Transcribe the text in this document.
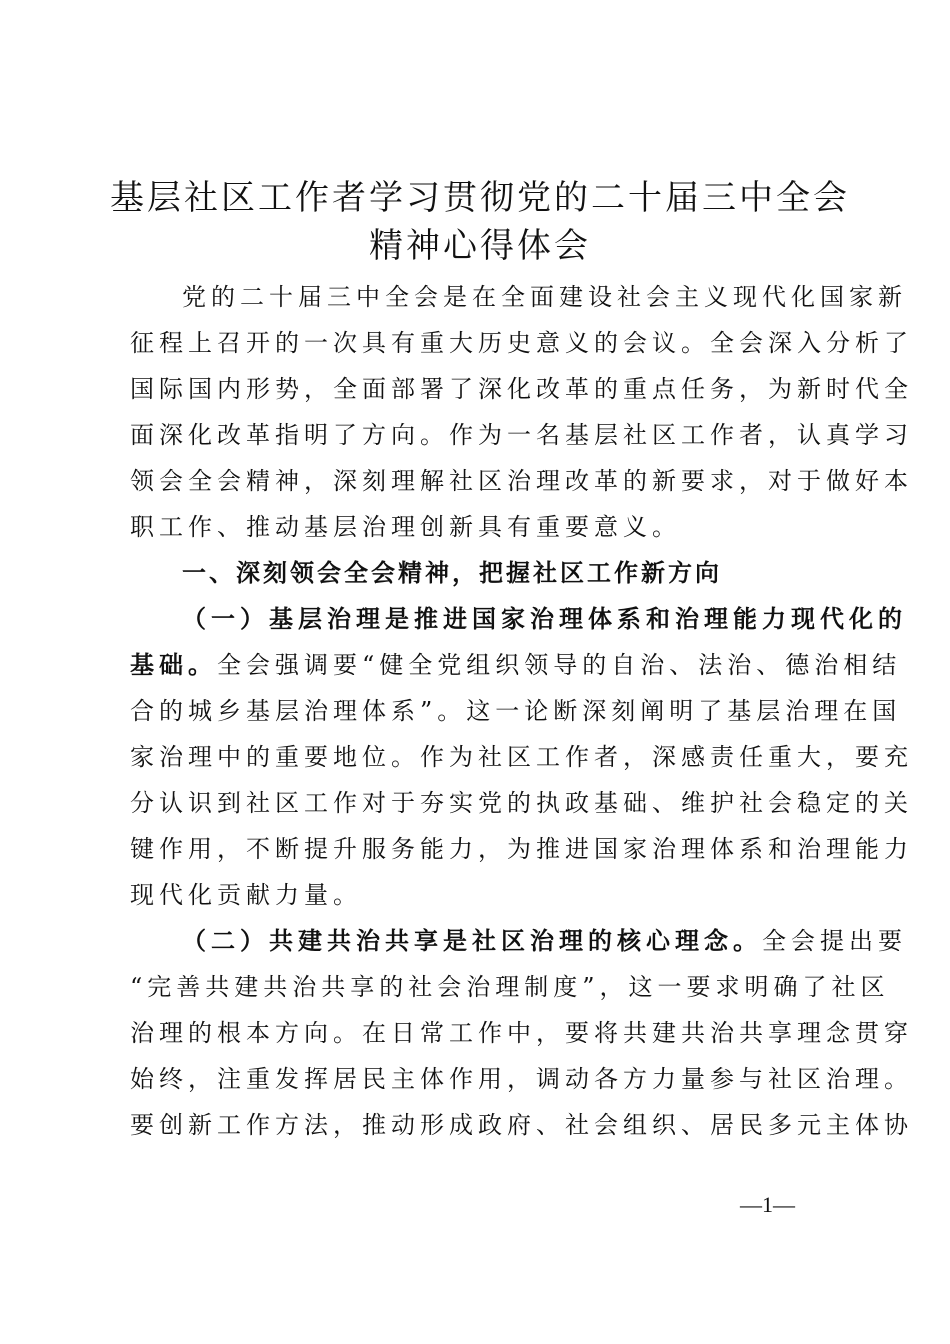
基层社区工作者学习贯彻党的二十届三中全会
精神心得体会
党的二十届三中全会是在全面建设社会主义现代化国家新
征程上召开的一次具有重大历史意义的会议。全会深入分析了
国际国内形势，全面部署了深化改革的重点任务，为新时代全
面深化改革指明了方向。作为一名基层社区工作者，认真学习
领会全会精神，深刻理解社区治理改革的新要求，对于做好本
职工作、推动基层治理创新具有重要意义。
一、深刻领会全会精神，把握社区工作新方向
（一）基层治理是推进国家治理体系和治理能力现代化的
基础。全会强调要“健全党组织领导的自治、法治、德治相结
合的城乡基层治理体系”。这一论断深刻阐明了基层治理在国
家治理中的重要地位。作为社区工作者，深感责任重大，要充
分认识到社区工作对于夯实党的执政基础、维护社会稳定的关
键作用，不断提升服务能力，为推进国家治理体系和治理能力
现代化贡献力量。
（二）共建共治共享是社区治理的核心理念。全会提出要
“完善共建共治共享的社会治理制度”，这一要求明确了社区
治理的根本方向。在日常工作中，要将共建共治共享理念贯穿
始终，注重发挥居民主体作用，调动各方力量参与社区治理。
要创新工作方法，推动形成政府、社会组织、居民多元主体协
—1—
